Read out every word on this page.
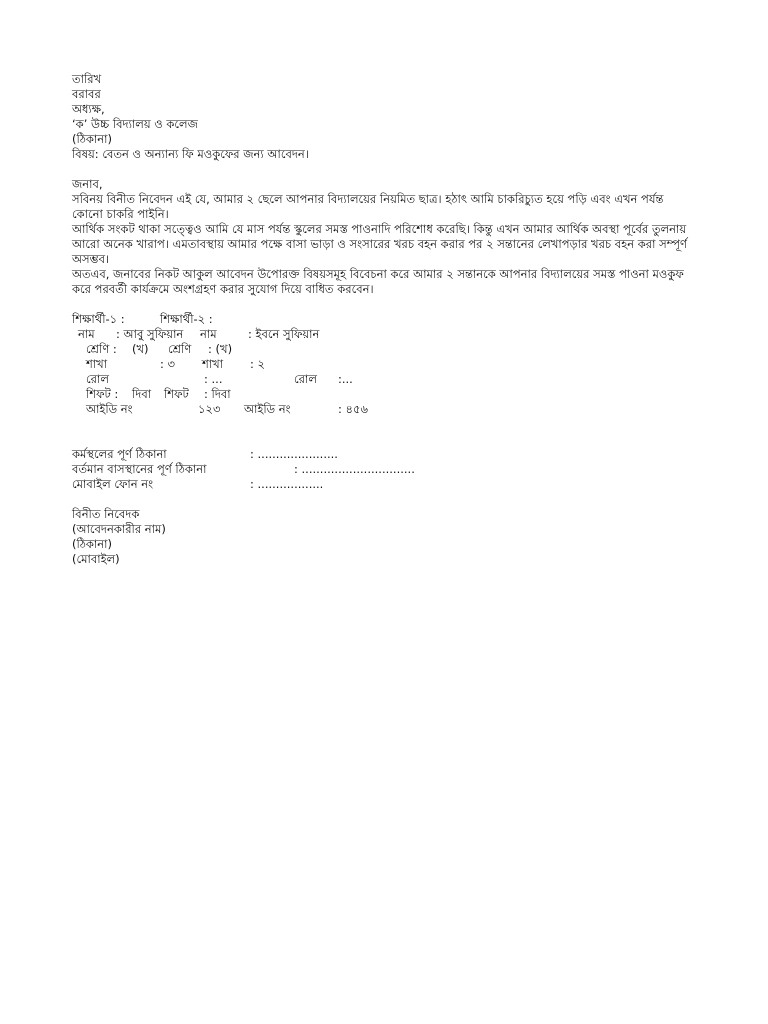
তারিখ
বরাবর
অধ্যক্ষ,
‘ক’ উচ্চ বিদ্যালয় ও কলেজ
(ঠিকানা)
বিষয়: বেতন ও অন্যান্য ফি মওকুফের জন্য আবেদন।
জনাব,
সবিনয় বিনীত নিবেদন এই যে, আমার ২ ছেলে আপনার বিদ্যালয়ের নিয়মিত ছাত্র। হঠাৎ আমি চাকরিচ্যুত হয়ে পড়ি এবং এখন পর্যন্ত কোনো চাকরি পাইনি।
আর্থিক সংকট থাকা সত্ত্বেও আমি যে মাস পর্যন্ত স্কুলের সমস্ত পাওনাদি পরিশোধ করেছি। কিন্তু এখন আমার আর্থিক অবস্থা পূর্বের তুলনায় আরো অনেক খারাপ। এমতাবস্থায় আমার পক্ষে বাসা ভাড়া ও সংসারের খরচ বহন করার পর ২ সন্তানের লেখাপড়ার খরচ বহন করা সম্পূর্ণ অসম্ভব।
অতএব, জনাবের নিকট আকুল আবেদন উপোরক্ত বিষয়সমূহ বিবেচনা করে আমার ২ সন্তানকে আপনার বিদ্যালয়ের সমস্ত পাওনা মওকুফ করে পরবর্তী কার্যক্রমে অংশগ্রহণ করার সুযোগ দিয়ে বাধিত করবেন।
শিক্ষার্থী-১ :	শিক্ষার্থী-২ :
নাম : আবু সুফিয়ান নাম	: ইবনে সুফিয়ান
শ্রেণি : (খ) শ্রেণি : (খ)
শাখা	: ৩ শাখা : ২
রোল	: ...	রোল :...
শিফট : দিবা শিফট : দিবা
আইডি নং	১২৩ আইডি নং	: ৪৫৬
কর্মস্থলের পূর্ণ ঠিকানা	: ......................
বর্তমান বাসস্থানের পূর্ণ ঠিকানা	: ...............................
মোবাইল ফোন নং	: ..................
বিনীত নিবেদক
(আবেদনকারীর নাম)
(ঠিকানা)
(মোবাইল)
